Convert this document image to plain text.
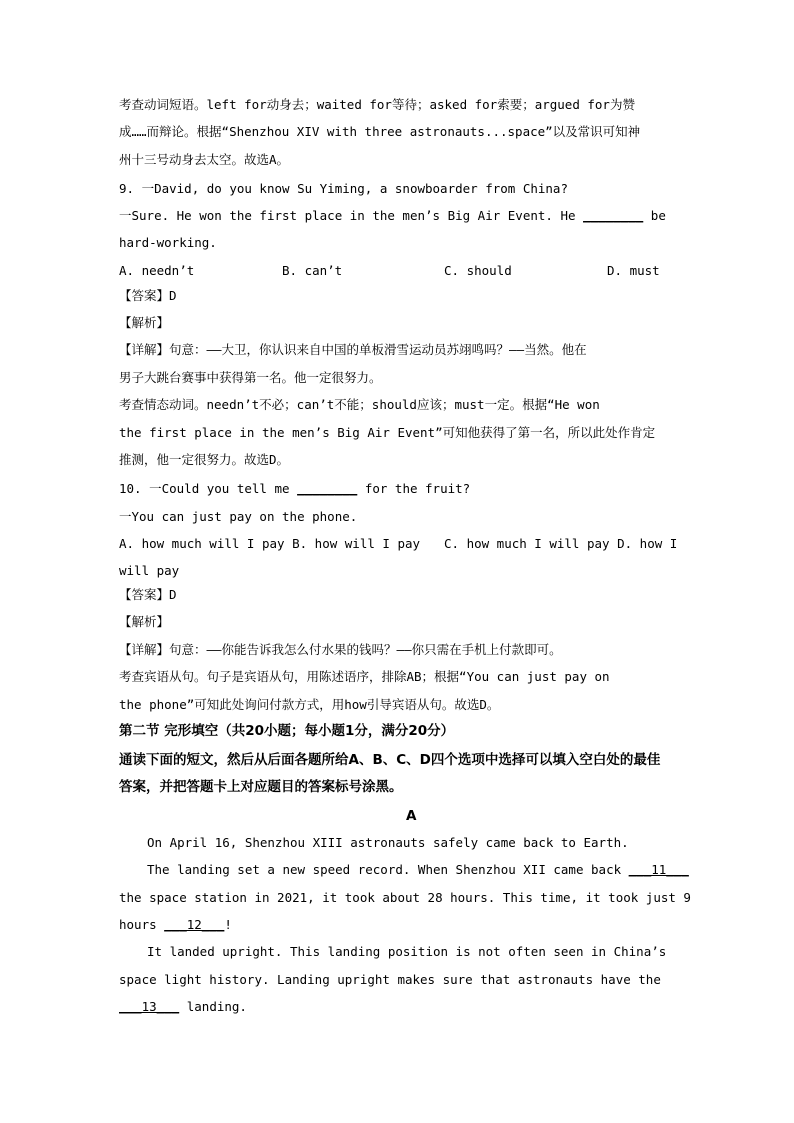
考查动词短语。left for动身去；waited for等待；asked for索要；argued for为赞
成……而辩论。根据“Shenzhou XIV with three astronauts...space”以及常识可知神
州十三号动身去太空。故选A。
9. 一David, do you know Su Yiming, a snowboarder from China?
一Sure. He won the first place in the men’s Big Air Event. He ________ be
hard-working.

A. needn’t

	B. can’t

	C. should

	D. must

【答案】D
【解析】
【详解】句意：——大卫，你认识来自中国的单板滑雪运动员苏翊鸣吗？——当然。他在
男子大跳台赛事中获得第一名。他一定很努力。
考查情态动词。needn’t不必；can’t不能；should应该；must一定。根据“He won
the first place in the men’s Big Air Event”可知他获得了第一名，所以此处作肯定
推测，他一定很努力。故选D。
10. 一Could you tell me ________ for the fruit?
一You can just pay on the phone.

A. how much will I pay B. how will I pay

C. how much I will pay D. how I

will pay
【答案】D
【解析】
【详解】句意：——你能告诉我怎么付水果的钱吗？——你只需在手机上付款即可。
考查宾语从句。句子是宾语从句，用陈述语序，排除AB；根据“You can just pay on
the phone”可知此处询问付款方式，用how引导宾语从句。故选D。
第二节 完形填空（共20小题；每小题1分，满分20分）
通读下面的短文，然后从后面各题所给A、B、C、D四个选项中选择可以填入空白处的最佳
答案，并把答题卡上对应题目的答案标号涂黑。
A
On April 16, Shenzhou XIII astronauts safely came back to Earth.
The landing set a new speed record. When Shenzhou XII came back ___11___
the space station in 2021, it took about 28 hours. This time, it took just 9
hours ___12___!
It landed upright. This landing position is not often seen in China’s
space light history. Landing upright makes sure that astronauts have the
___13___ landing.
